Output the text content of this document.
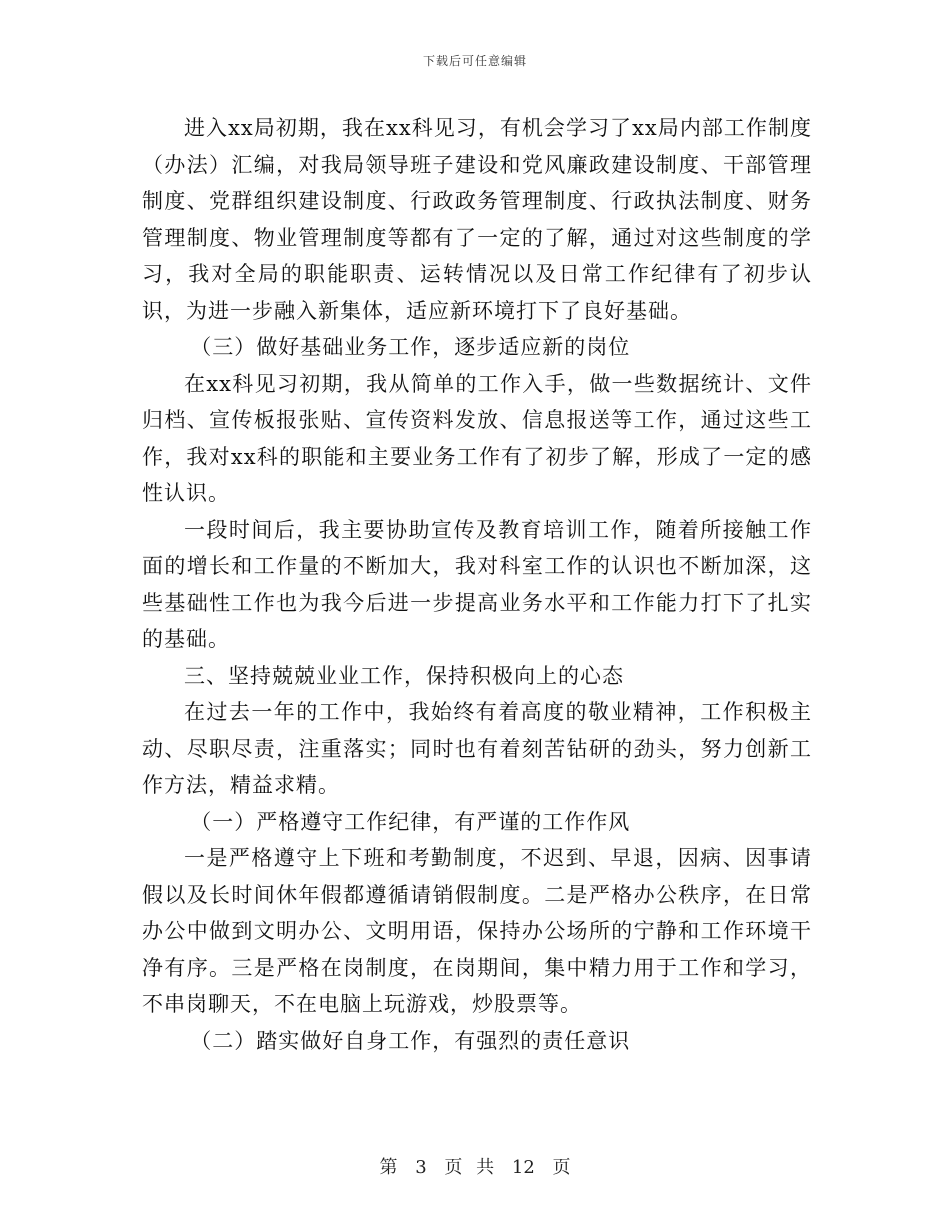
下载后可任意编辑

进入xx局初期，我在xx科见习，有机会学习了xx局内部工作制度（办法）汇编，对我局领导班子建设和党风廉政建设制度、干部管理制度、党群组织建设制度、行政政务管理制度、行政执法制度、财务管理制度、物业管理制度等都有了一定的了解，通过对这些制度的学习，我对全局的职能职责、运转情况以及日常工作纪律有了初步认识，为进一步融入新集体，适应新环境打下了良好基础。

（三）做好基础业务工作，逐步适应新的岗位

在xx科见习初期，我从简单的工作入手，做一些数据统计、文件归档、宣传板报张贴、宣传资料发放、信息报送等工作，通过这些工作，我对xx科的职能和主要业务工作有了初步了解，形成了一定的感性认识。

一段时间后，我主要协助宣传及教育培训工作，随着所接触工作面的增长和工作量的不断加大，我对科室工作的认识也不断加深，这些基础性工作也为我今后进一步提高业务水平和工作能力打下了扎实的基础。

三、坚持兢兢业业工作，保持积极向上的心态

在过去一年的工作中，我始终有着高度的敬业精神，工作积极主动、尽职尽责，注重落实；同时也有着刻苦钻研的劲头，努力创新工作方法，精益求精。

（一）严格遵守工作纪律，有严谨的工作作风

一是严格遵守上下班和考勤制度，不迟到、早退，因病、因事请假以及长时间休年假都遵循请销假制度。二是严格办公秩序，在日常办公中做到文明办公、文明用语，保持办公场所的宁静和工作环境干净有序。三是严格在岗制度，在岗期间，集中精力用于工作和学习，不串岗聊天，不在电脑上玩游戏，炒股票等。

（二）踏实做好自身工作，有强烈的责任意识

第 3 页 共 12 页
